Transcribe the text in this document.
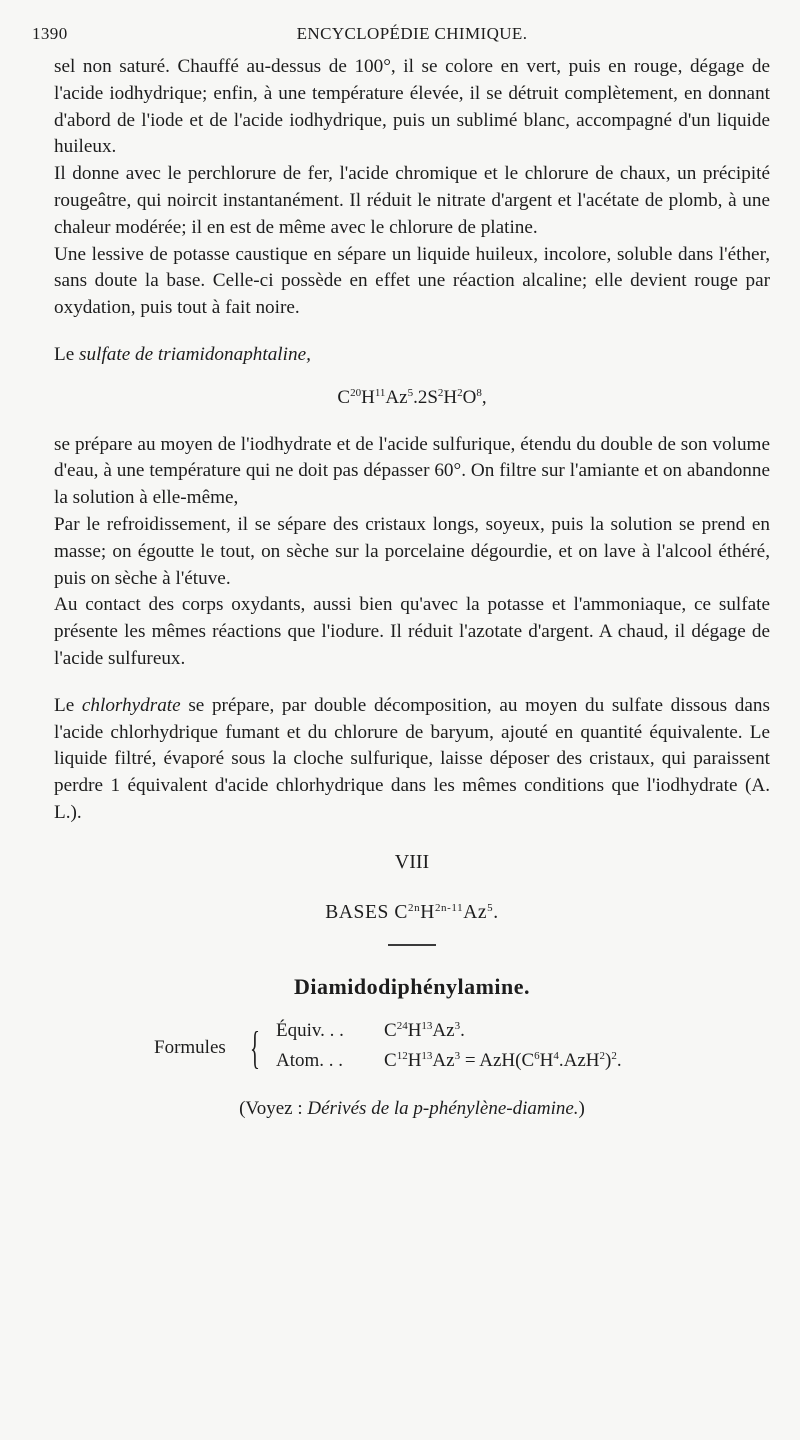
1390	ENCYCLOPÉDIE CHIMIQUE.

sel non saturé. Chauffé au-dessus de 100°, il se colore en vert, puis en rouge, dégage de l'acide iodhydrique; enfin, à une température élevée, il se détruit complètement, en donnant d'abord de l'iode et de l'acide iodhydrique, puis un sublimé blanc, accompagné d'un liquide huileux.

Il donne avec le perchlorure de fer, l'acide chromique et le chlorure de chaux, un précipité rougeâtre, qui noircit instantanément. Il réduit le nitrate d'argent et l'acétate de plomb, à une chaleur modérée; il en est de même avec le chlorure de platine.

Une lessive de potasse caustique en sépare un liquide huileux, incolore, soluble dans l'éther, sans doute la base. Celle-ci possède en effet une réaction alcaline; elle devient rouge par oxydation, puis tout à fait noire.

Le sulfate de triamidonaphtaline,

$C^{20}H^{11}Az^5.2S^2H^2O^8$,

se prépare au moyen de l'iodhydrate et de l'acide sulfurique, étendu du double de son volume d'eau, à une température qui ne doit pas dépasser 60°. On filtre sur l'amiante et on abandonne la solution à elle-même,

Par le refroidissement, il se sépare des cristaux longs, soyeux, puis la solution se prend en masse; on égoutte le tout, on sèche sur la porcelaine dégourdie, et on lave à l'alcool éthéré, puis on sèche à l'étuve.

Au contact des corps oxydants, aussi bien qu'avec la potasse et l'ammoniaque, ce sulfate présente les mêmes réactions que l'iodure. Il réduit l'azotate d'argent. A chaud, il dégage de l'acide sulfureux.

Le chlorhydrate se prépare, par double décomposition, au moyen du sulfate dissous dans l'acide chlorhydrique fumant et du chlorure de baryum, ajouté en quantité équivalente. Le liquide filtré, évaporé sous la cloche sulfurique, laisse déposer des cristaux, qui paraissent perdre 1 équivalent d'acide chlorhydrique dans les mêmes conditions que l'iodhydrate (A. L.).

VIII
BASES $C^{2n}H^{2n-11}Az^5$.
Diamidodiphénylamine.
Formules { Équiv. . . $C^{24}H^{13}Az^3$.
Atom. . . $C^{12}H^{13}Az^3 = AzH(C^6H^4.AzH^2)^2$.
(Voyez : Dérivés de la p-phénylène-diamine.)
